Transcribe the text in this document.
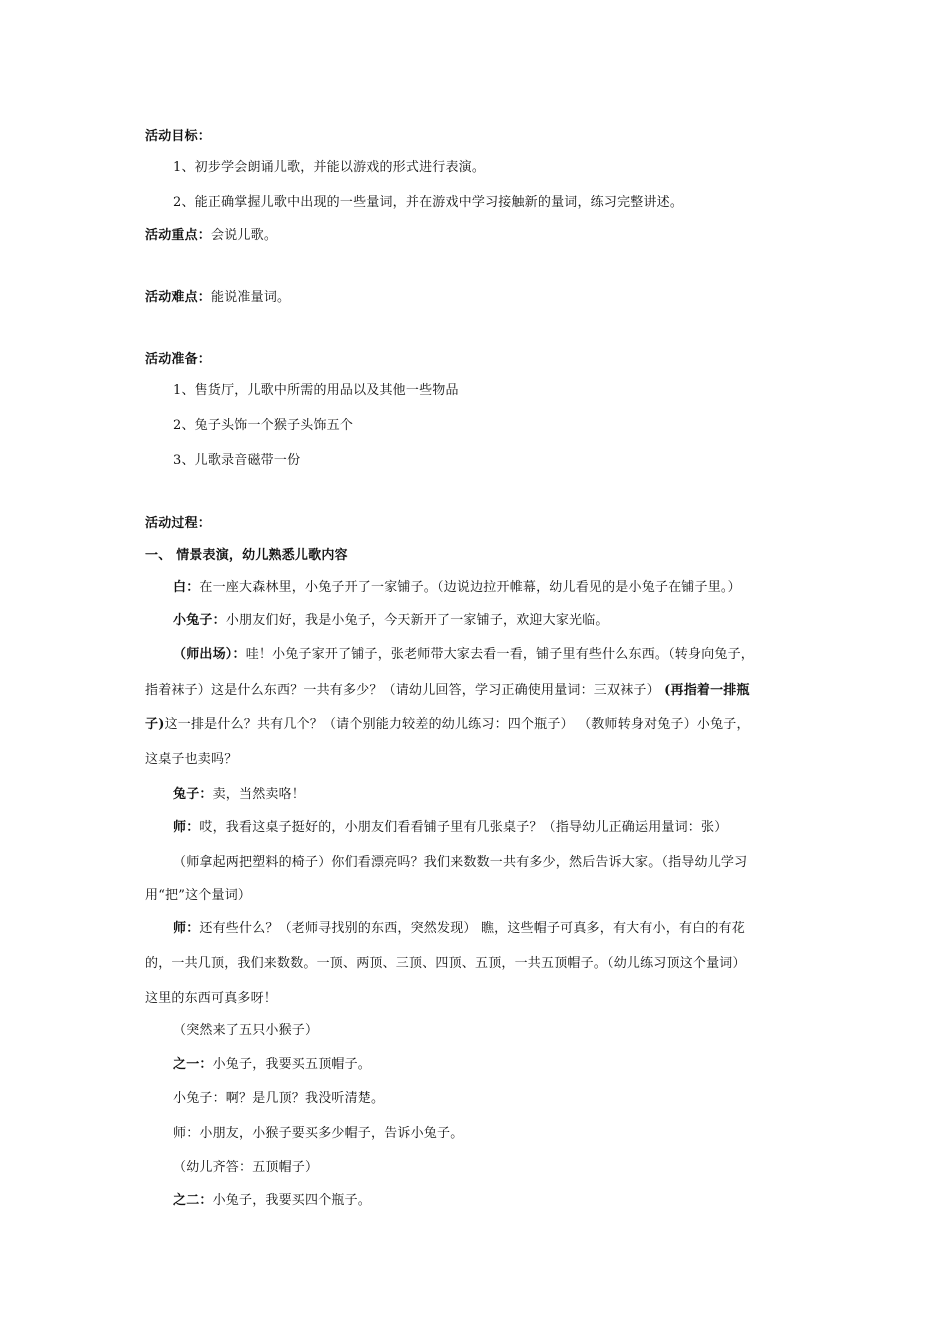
活动目标：
1、初步学会朗诵儿歌，并能以游戏的形式进行表演。
2、能正确掌握儿歌中出现的一些量词，并在游戏中学习接触新的量词，练习完整讲述。
活动重点：会说儿歌。
活动难点：能说准量词。
活动准备：
1、售货厅，儿歌中所需的用品以及其他一些物品
2、兔子头饰一个猴子头饰五个
3、儿歌录音磁带一份
活动过程：
一、 情景表演，幼儿熟悉儿歌内容
白：在一座大森林里，小兔子开了一家铺子。（边说边拉开帷幕，幼儿看见的是小兔子在铺子里。）
小兔子：小朋友们好，我是小兔子，今天新开了一家铺子，欢迎大家光临。
（师出场）：哇！小兔子家开了铺子，张老师带大家去看一看，铺子里有些什么东西。（转身向兔子，
指着袜子）这是什么东西？一共有多少？（请幼儿回答，学习正确使用量词：三双袜子） (再指着一排瓶
子)这一排是什么？共有几个？（请个别能力较差的幼儿练习：四个瓶子） （教师转身对兔子）小兔子，
这桌子也卖吗？
兔子：卖，当然卖咯！
师：哎，我看这桌子挺好的，小朋友们看看铺子里有几张桌子？（指导幼儿正确运用量词：张）
（师拿起两把塑料的椅子）你们看漂亮吗？我们来数数一共有多少，然后告诉大家。（指导幼儿学习
用“把”这个量词）
师：还有些什么？（老师寻找别的东西，突然发现） 瞧，这些帽子可真多，有大有小，有白的有花
的，一共几顶，我们来数数。一顶、两顶、三顶、四顶、五顶，一共五顶帽子。（幼儿练习顶这个量词）
这里的东西可真多呀！
（突然来了五只小猴子）
之一：小兔子，我要买五顶帽子。
小兔子：啊？是几顶？我没听清楚。
师：小朋友，小猴子要买多少帽子，告诉小兔子。
（幼儿齐答：五顶帽子）
之二：小兔子，我要买四个瓶子。
